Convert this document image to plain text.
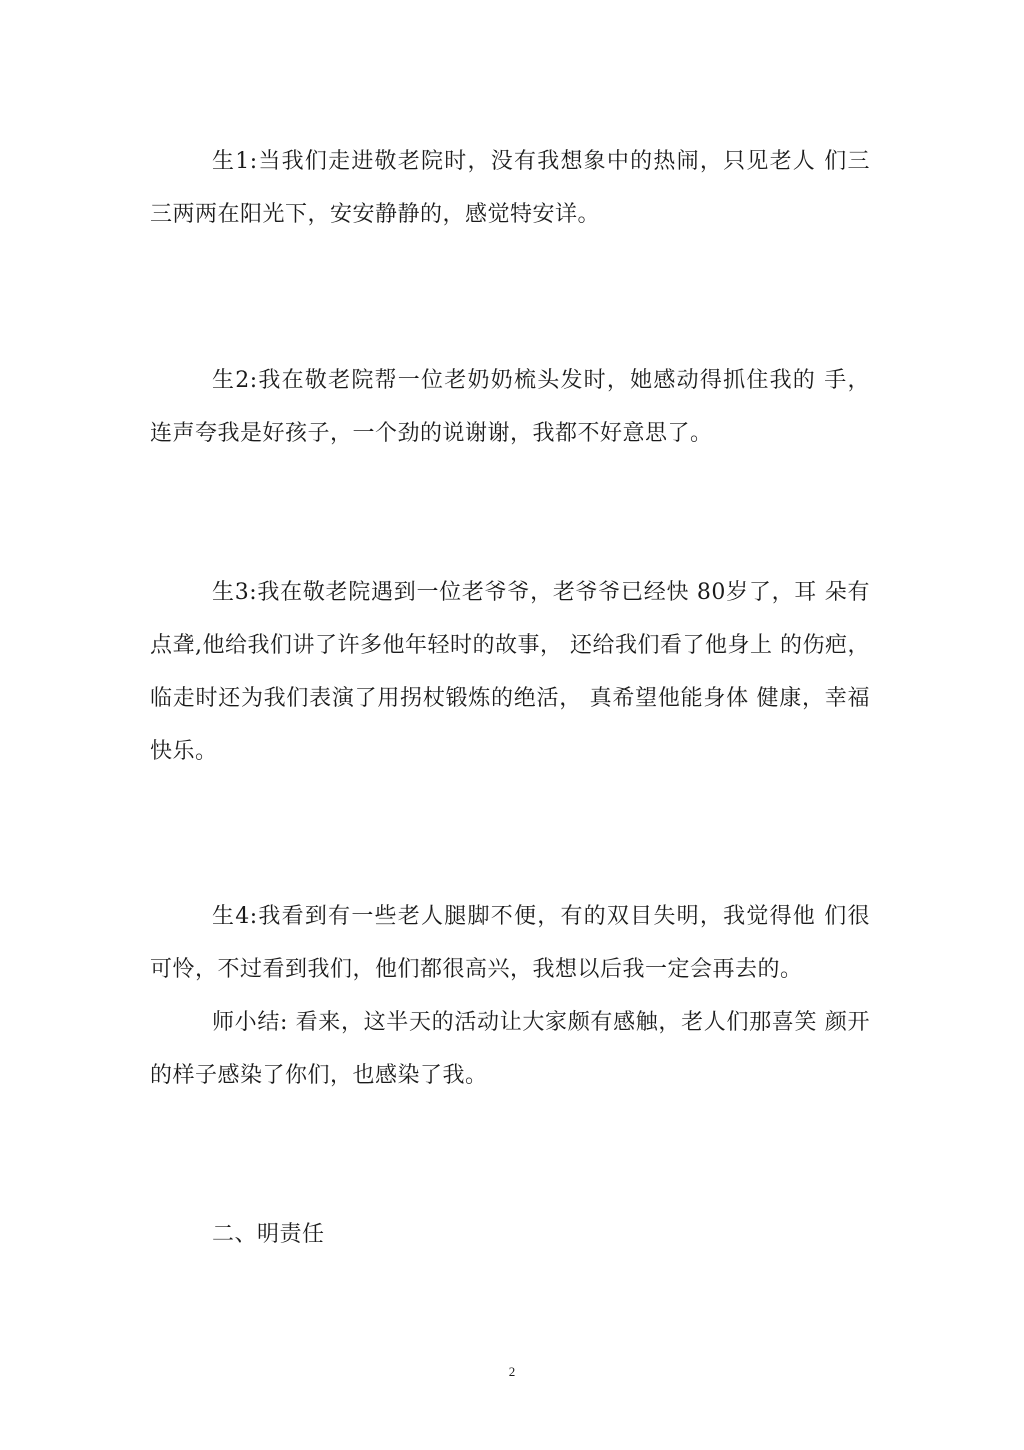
生1:当我们走进敬老院时，没有我想象中的热闹，只见老人 们三三两两在阳光下，安安静静的，感觉特安详。

生2:我在敬老院帮一位老奶奶梳头发时，她感动得抓住我的 手，连声夸我是好孩子，一个劲的说谢谢，我都不好意思了。

生3:我在敬老院遇到一位老爷爷，老爷爷已经快 80岁了，耳 朵有点聋,他给我们讲了许多他年轻时的故事， 还给我们看了他身上 的伤疤，临走时还为我们表演了用拐杖锻炼的绝活， 真希望他能身体 健康，幸福快乐。

生4:我看到有一些老人腿脚不便，有的双目失明，我觉得他 们很可怜，不过看到我们，他们都很高兴，我想以后我一定会再去的。

师小结: 看来，这半天的活动让大家颇有感触，老人们那喜笑 颜开的样子感染了你们，也感染了我。

二、明责任

2
